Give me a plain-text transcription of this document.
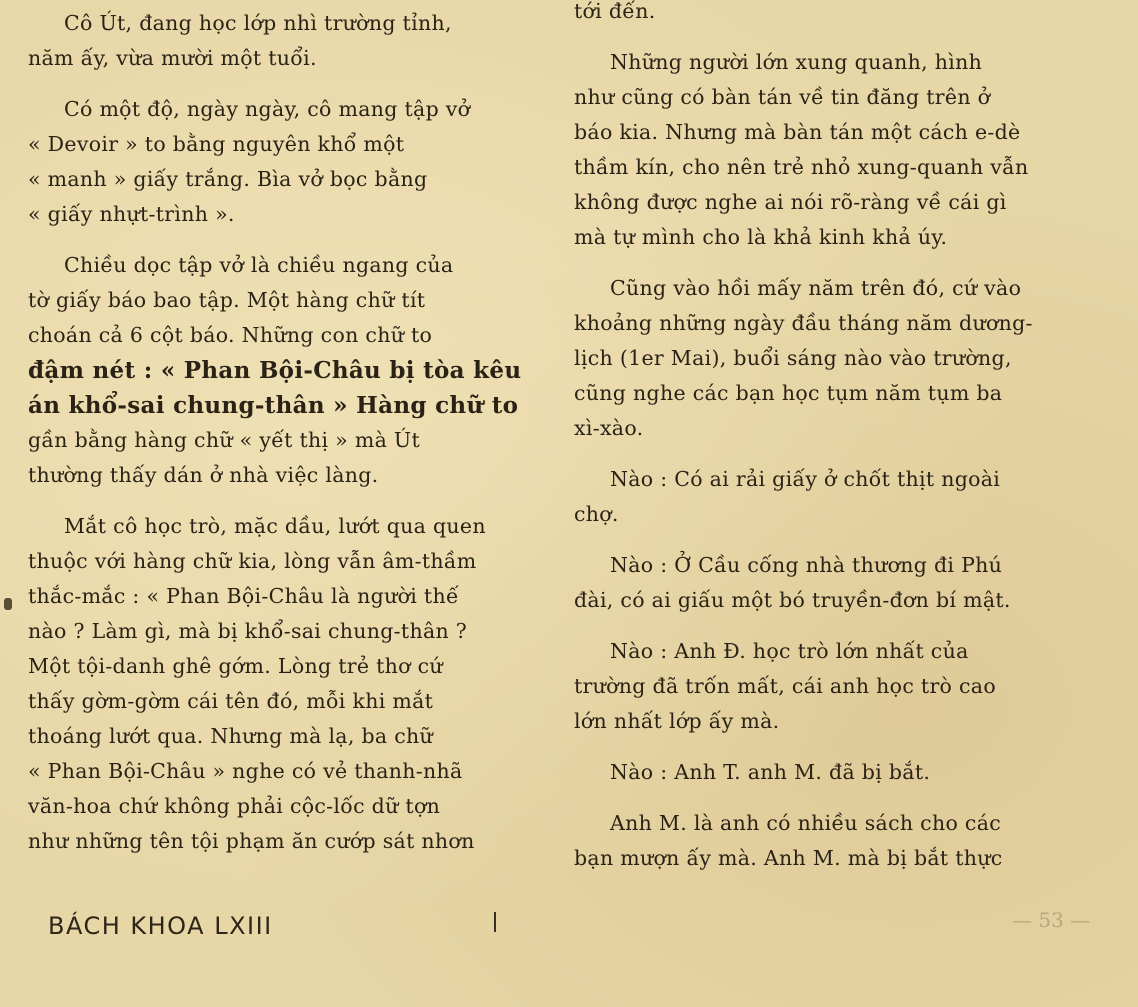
Cô Út, đang học lớp nhì trường tỉnh,
năm ấy, vừa mười một tuổi.

Có một độ, ngày ngày, cô mang tập vở
« Devoir » to bằng nguyên khổ một
« manh » giấy trắng. Bìa vở bọc bằng
« giấy nhựt-trình ».

Chiều dọc tập vở là chiều ngang của
tờ giấy báo bao tập. Một hàng chữ tít
choán cả 6 cột báo. Những con chữ to
đậm nét : « Phan Bội-Châu bị tòa kêu
án khổ-sai chung-thân » Hàng chữ to
gần bằng hàng chữ « yết thị » mà Út
thường thấy dán ở nhà việc làng.

Mắt cô học trò, mặc dầu, lướt qua quen
thuộc với hàng chữ kia, lòng vẫn âm-thầm
thắc-mắc : « Phan Bội-Châu là người thế
nào ? Làm gì, mà bị khổ-sai chung-thân ?
Một tội-danh ghê gớm. Lòng trẻ thơ cứ
thấy gờm-gờm cái tên đó, mỗi khi mắt
thoáng lướt qua. Nhưng mà lạ, ba chữ
« Phan Bội-Châu » nghe có vẻ thanh-nhã
văn-hoa chứ không phải cộc-lốc dữ tợn
như những tên tội phạm ăn cướp sát nhơn

tới đến.

Những người lớn xung quanh, hình
như cũng có bàn tán về tin đăng trên ở
báo kia. Nhưng mà bàn tán một cách e-dè
thầm kín, cho nên trẻ nhỏ xung-quanh vẫn
không được nghe ai nói rõ-ràng về cái gì
mà tự mình cho là khả kinh khả úy.

Cũng vào hồi mấy năm trên đó, cứ vào
khoảng những ngày đầu tháng năm dương-
lịch (1er Mai), buổi sáng nào vào trường,
cũng nghe các bạn học tụm năm tụm ba
xì-xào.

Nào : Có ai rải giấy ở chốt thịt ngoài
chợ.

Nào : Ở Cầu cống nhà thương đi Phú
đài, có ai giấu một bó truyền-đơn bí mật.

Nào : Anh Đ. học trò lớn nhất của
trường đã trốn mất, cái anh học trò cao
lớn nhất lớp ấy mà.

Nào : Anh T. anh M. đã bị bắt.

Anh M. là anh có nhiều sách cho các
bạn mượn ấy mà. Anh M. mà bị bắt thực

BÁCH KHOA LXIII	— 53 —
